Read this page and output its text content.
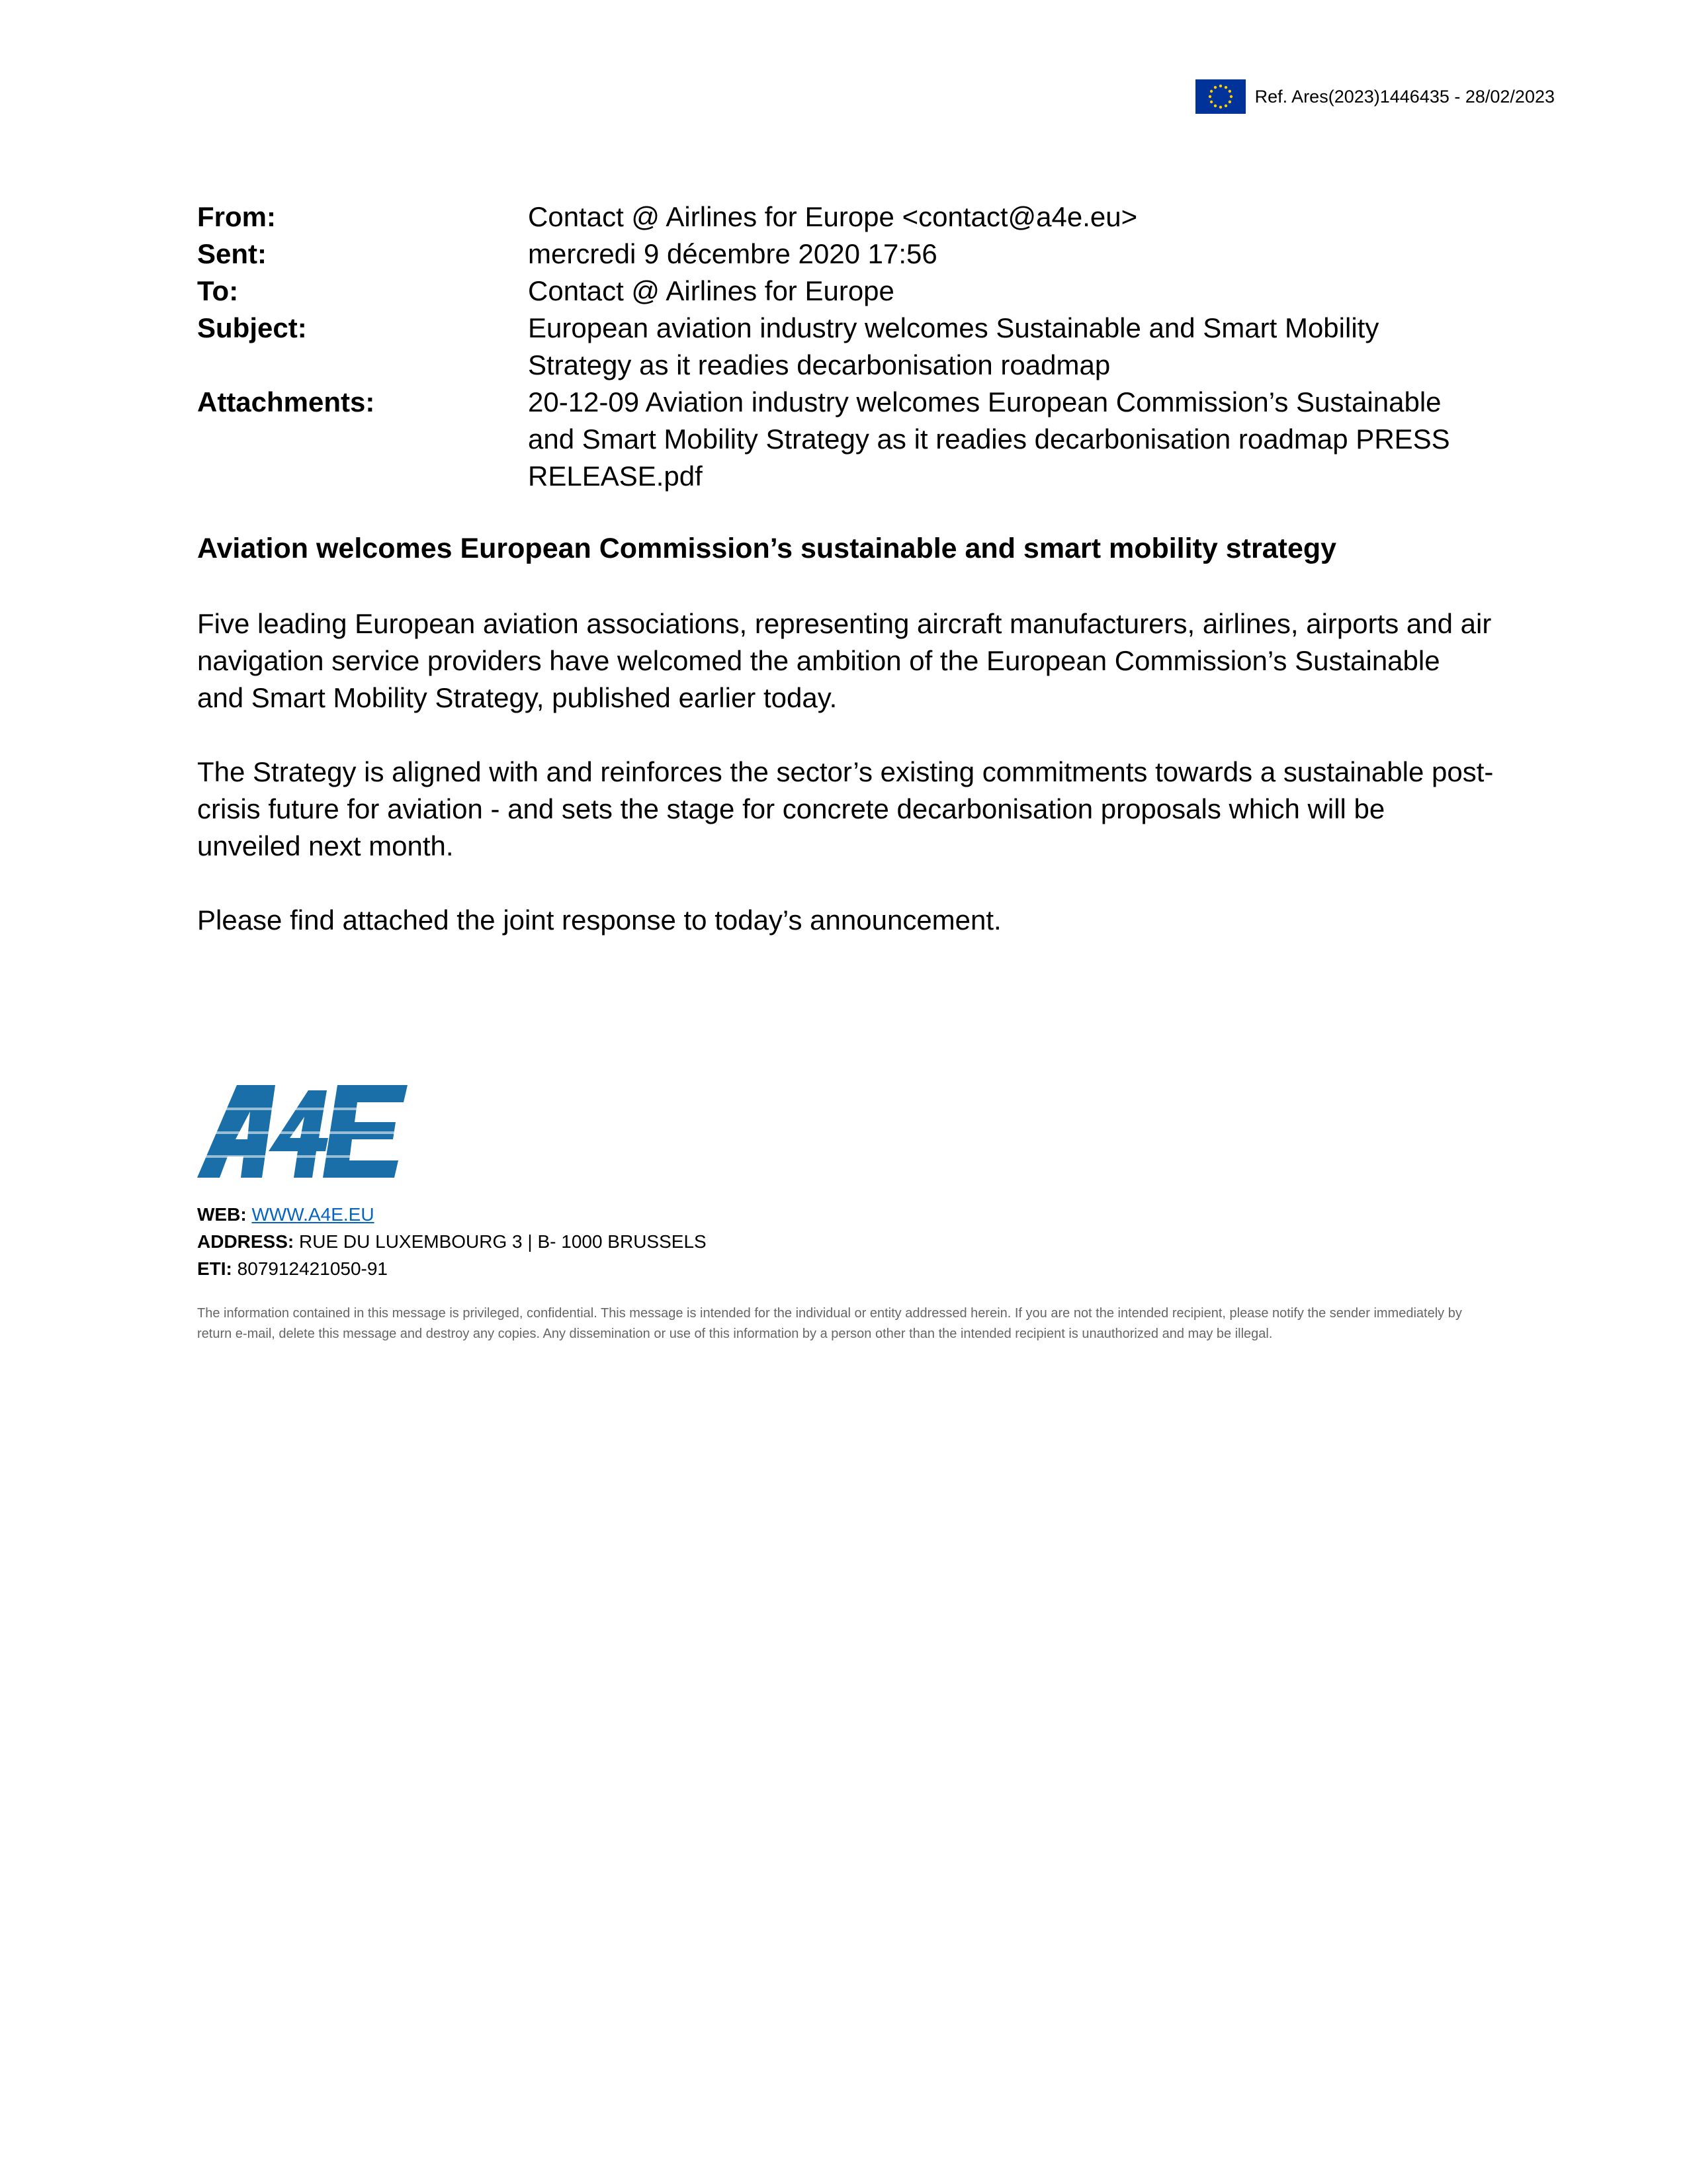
Ref. Ares(2023)1446435 - 28/02/2023
From:	Contact @ Airlines for Europe <contact@a4e.eu>
Sent:	mercredi 9 décembre 2020 17:56
To:	Contact @ Airlines for Europe
Subject:	European aviation industry welcomes Sustainable and Smart Mobility Strategy as it readies decarbonisation roadmap
Attachments:	20-12-09 Aviation industry welcomes European Commission’s Sustainable and Smart Mobility Strategy as it readies decarbonisation roadmap PRESS RELEASE.pdf
Aviation welcomes European Commission’s sustainable and smart mobility strategy

Five leading European aviation associations, representing aircraft manufacturers, airlines, airports and air navigation service providers have welcomed the ambition of the European Commission’s Sustainable and Smart Mobility Strategy, published earlier today.

The Strategy is aligned with and reinforces the sector’s existing commitments towards a sustainable post-crisis future for aviation - and sets the stage for concrete decarbonisation proposals which will be unveiled next month.

Please find attached the joint response to today’s announcement.

WEB: WWW.A4E.EU
ADDRESS: RUE DU LUXEMBOURG 3 | B- 1000 BRUSSELS
ETI: 807912421050-91
The information contained in this message is privileged, confidential. This message is intended for the individual or entity addressed herein. If you are not the intended recipient, please notify the sender immediately by return e-mail, delete this message and destroy any copies. Any dissemination or use of this information by a person other than the intended recipient is unauthorized and may be illegal.
